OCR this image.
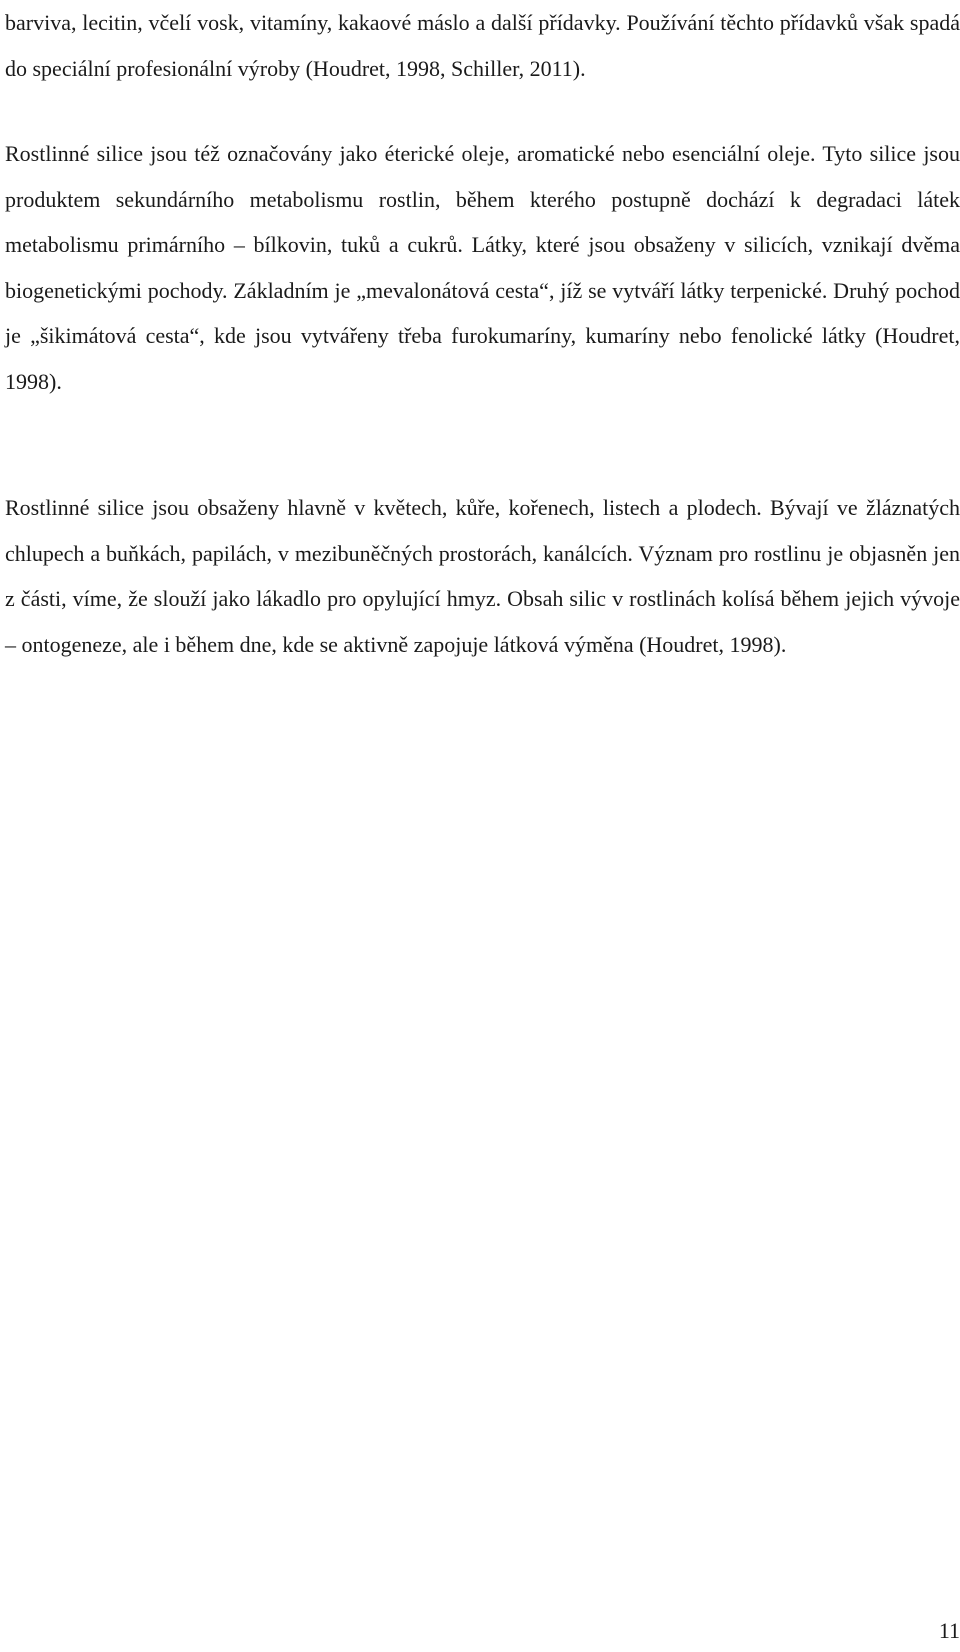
barviva, lecitin, včelí vosk, vitamíny, kakaové máslo a další přídavky. Používání těchto přídavků však spadá do speciální profesionální výroby (Houdret, 1998, Schiller, 2011).

Rostlinné silice jsou též označovány jako éterické oleje, aromatické nebo esenciální oleje. Tyto silice jsou produktem sekundárního metabolismu rostlin, během kterého postupně dochází k degradaci látek metabolismu primárního – bílkovin, tuků a cukrů. Látky, které jsou obsaženy v silicích, vznikají dvěma biogenetickými pochody. Základním je „mevalonátová cesta“, jíž se vytváří látky terpenické. Druhý pochod je „šikimátová cesta“, kde jsou vytvářeny třeba furokumaríny, kumaríny nebo fenolické látky (Houdret, 1998).

Rostlinné silice jsou obsaženy hlavně v květech, kůře, kořenech, listech a plodech. Bývají ve žláznatých chlupech a buňkách, papilách, v mezibuněčných prostorách, kanálcích. Význam pro rostlinu je objasněn jen z části, víme, že slouží jako lákadlo pro opylující hmyz. Obsah silic v rostlinách kolísá během jejich vývoje – ontogeneze, ale i během dne, kde se aktivně zapojuje látková výměna (Houdret, 1998).

11
